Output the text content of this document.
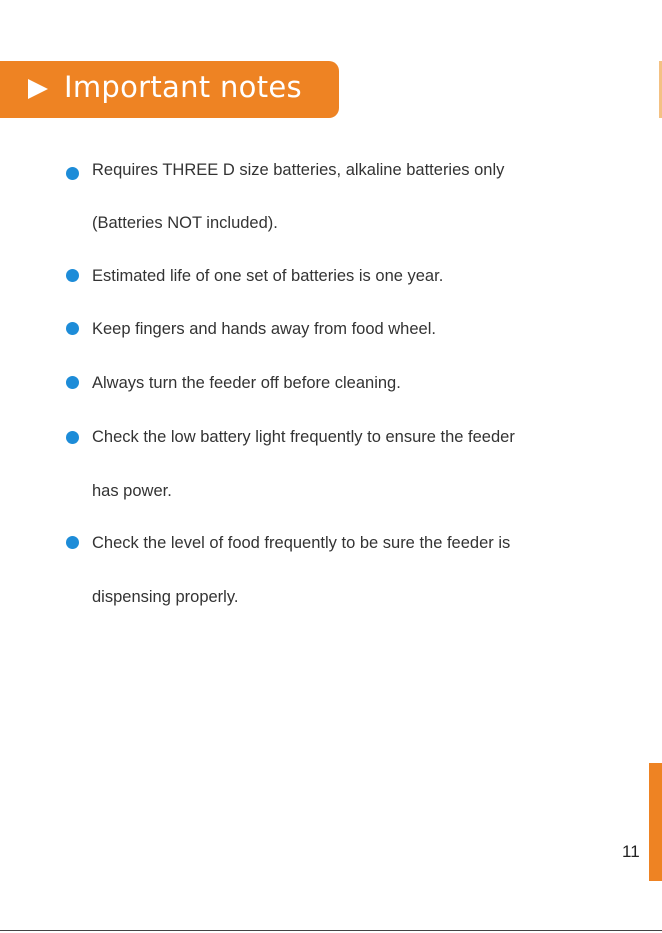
Important notes
Requires THREE D size batteries, alkaline batteries only
(Batteries NOT included).
Estimated life of one set of batteries is one year.
Keep fingers and hands away from food wheel.
Always turn the feeder off before cleaning.
Check the low battery light frequently to ensure the feeder
has power.
Check the level of food frequently to be sure the feeder is
dispensing properly.
11
